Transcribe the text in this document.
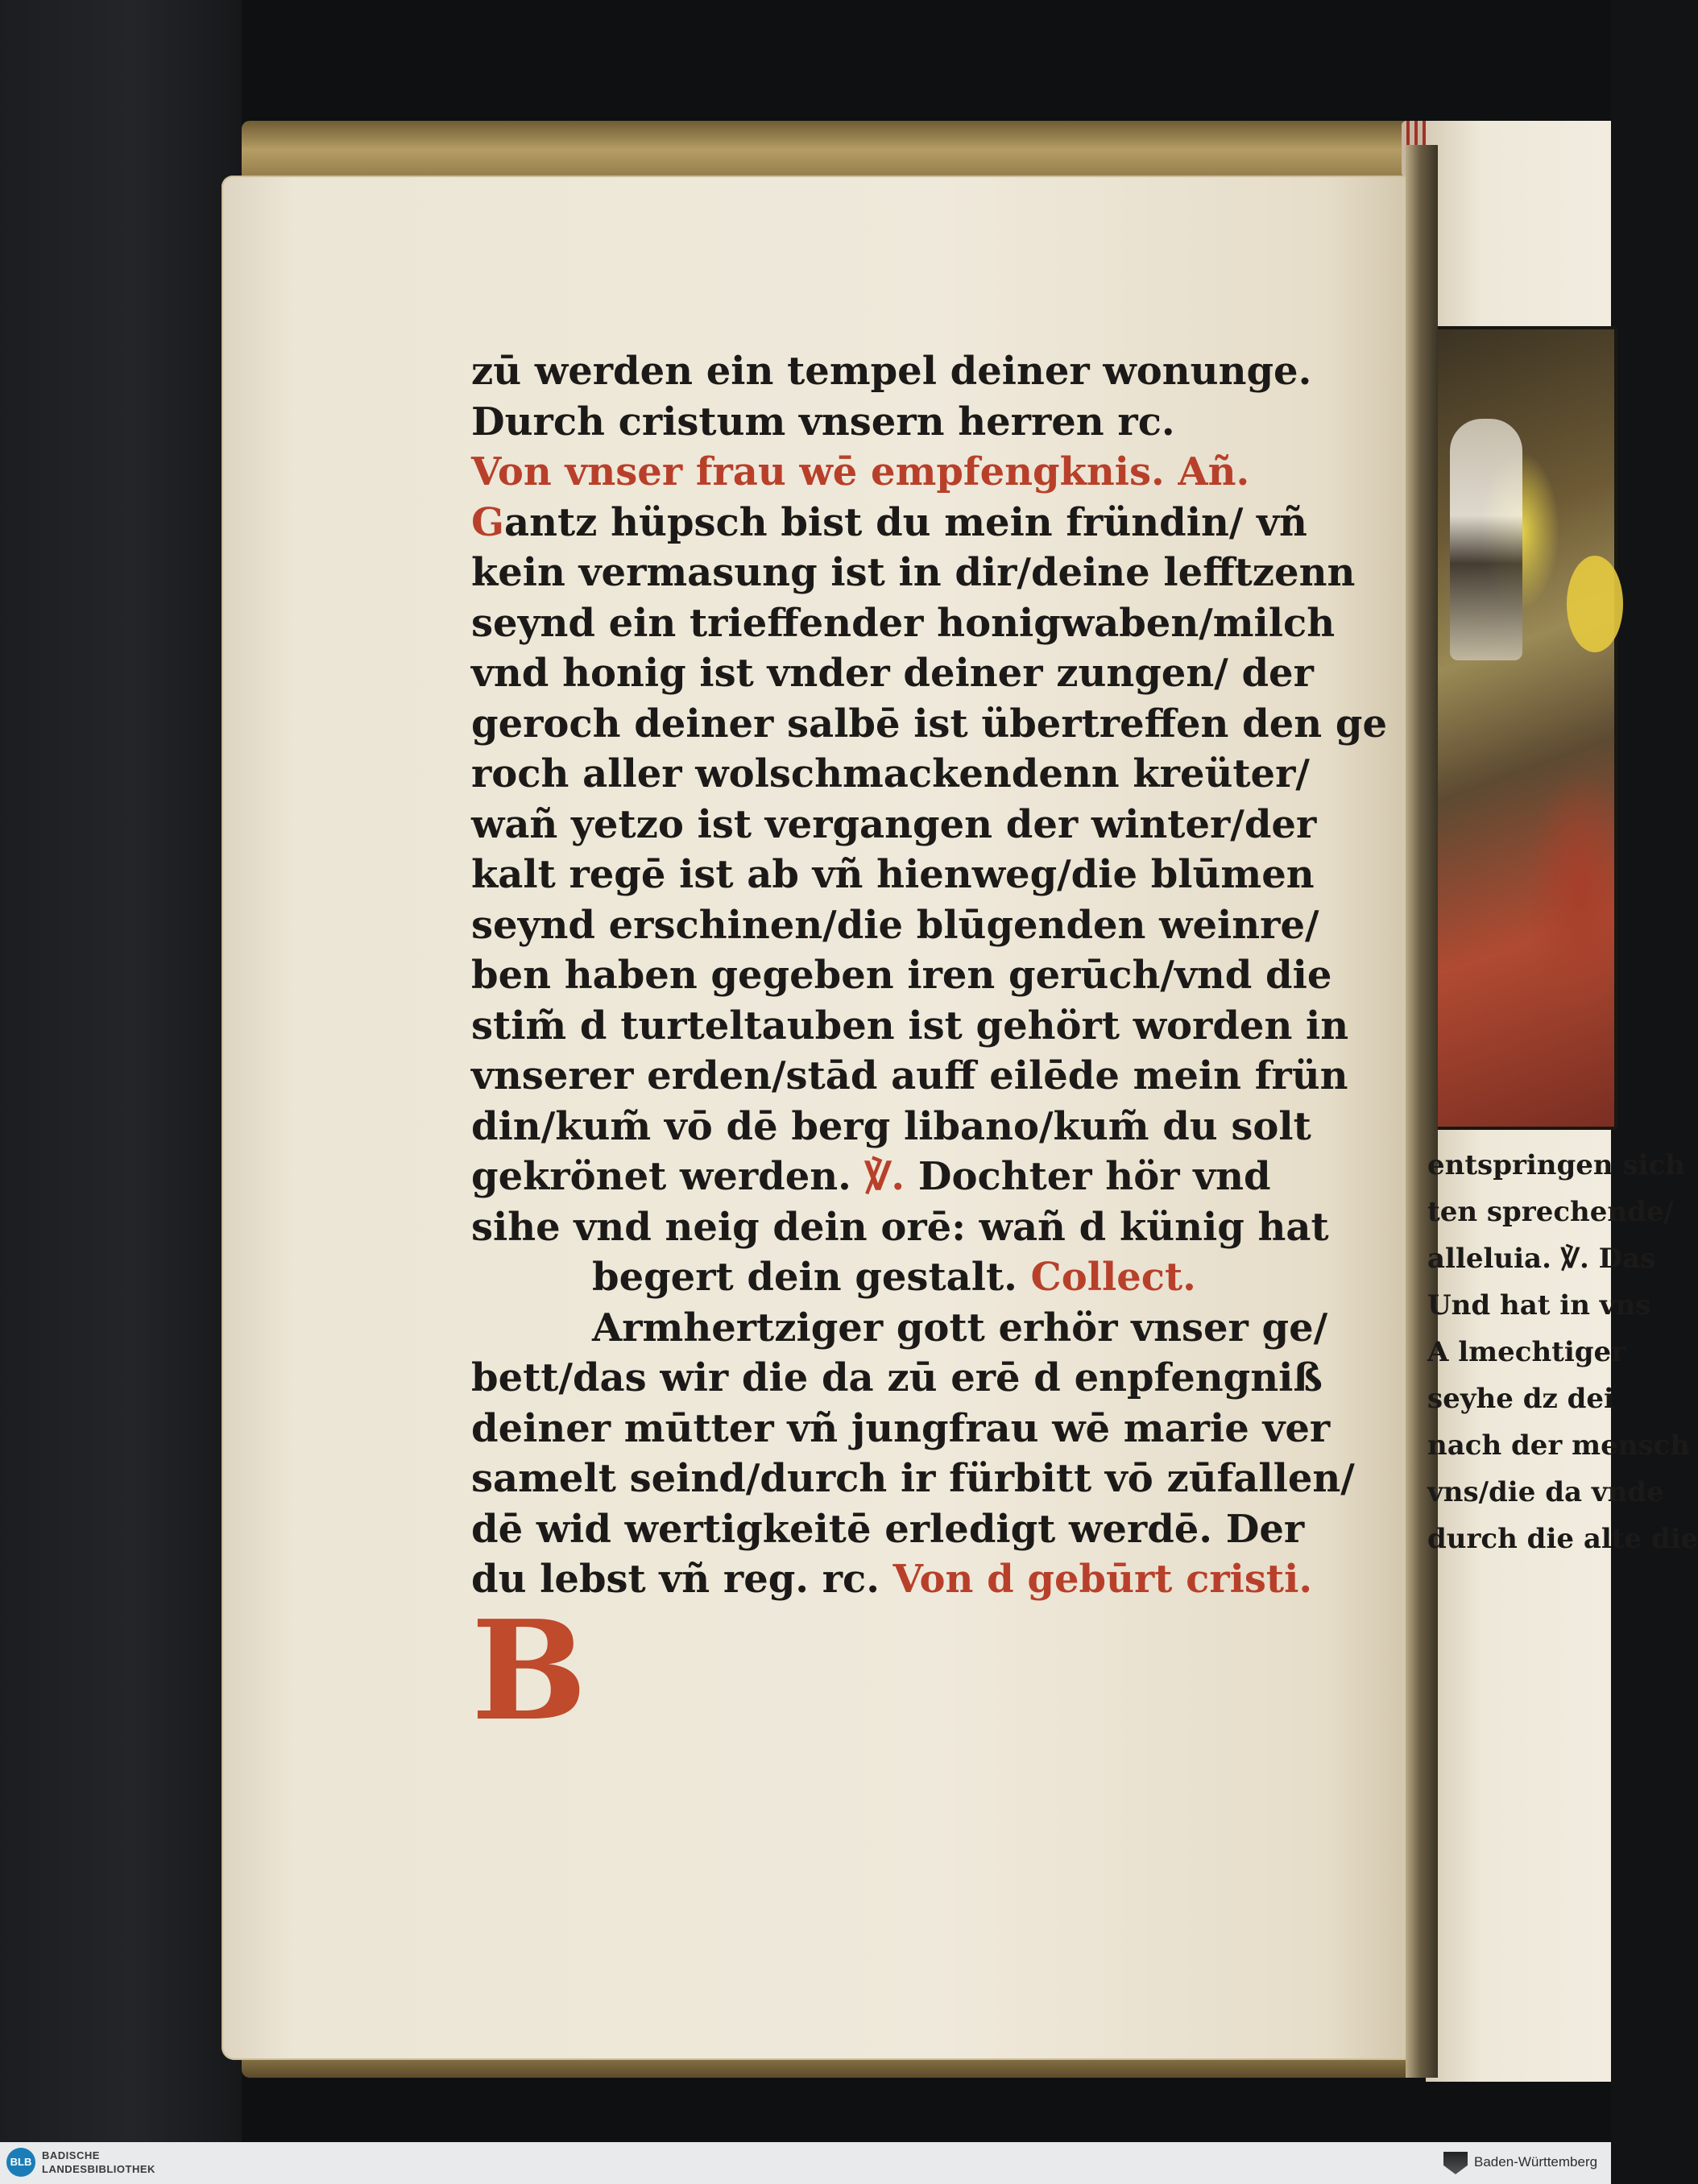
B
zū werden ein tempel deiner wonunge.
Durch cristum vnsern herren rc.
Von vnser frau wē empfengknis. Añ.
Gantz hüpsch bist du mein fründin/ vñ
kein vermasung ist in dir/deine lefftzenn
seynd ein trieffender honigwaben/milch
vnd honig ist vnder deiner zungen/ der
geroch deiner salbē ist übertreffen den ge
roch aller wolschmackendenn kreüter/
wañ yetzo ist vergangen der winter/der
kalt regē ist ab vñ hienweg/die blūmen
seynd erschinen/die blūgenden weinre/
ben haben gegeben iren gerūch/vnd die
stim̃ d turteltauben ist gehört worden in
vnserer erden/stād auff eilēde mein frün
din/kum̃ vō dē berg libano/kum̃ du solt
gekrönet werden. ℣. Dochter hör vnd
sihe vnd neig dein orē: wañ d künig hat
begert dein gestalt. Collect.
Armhertziger gott erhör vnser ge/
bett/das wir die da zū erē d enpfengniß
deiner mūtter vñ jungfrau wē marie ver
samelt seind/durch ir fürbitt vō zūfallen/
dē wid wertigkeitē erledigt werdē. Der
du lebst vñ reg. rc. Von d gebūrt cristi.
entspringen sich
ten sprechende/
alleluia. ℣. Das
Und hat in vns
A lmechtiger
seyhe dz dei
nach der mensch
vns/die da vnde
durch die alte die
BLB
BADISCHE
LANDESBIBLIOTHEK	Baden-Württemberg
